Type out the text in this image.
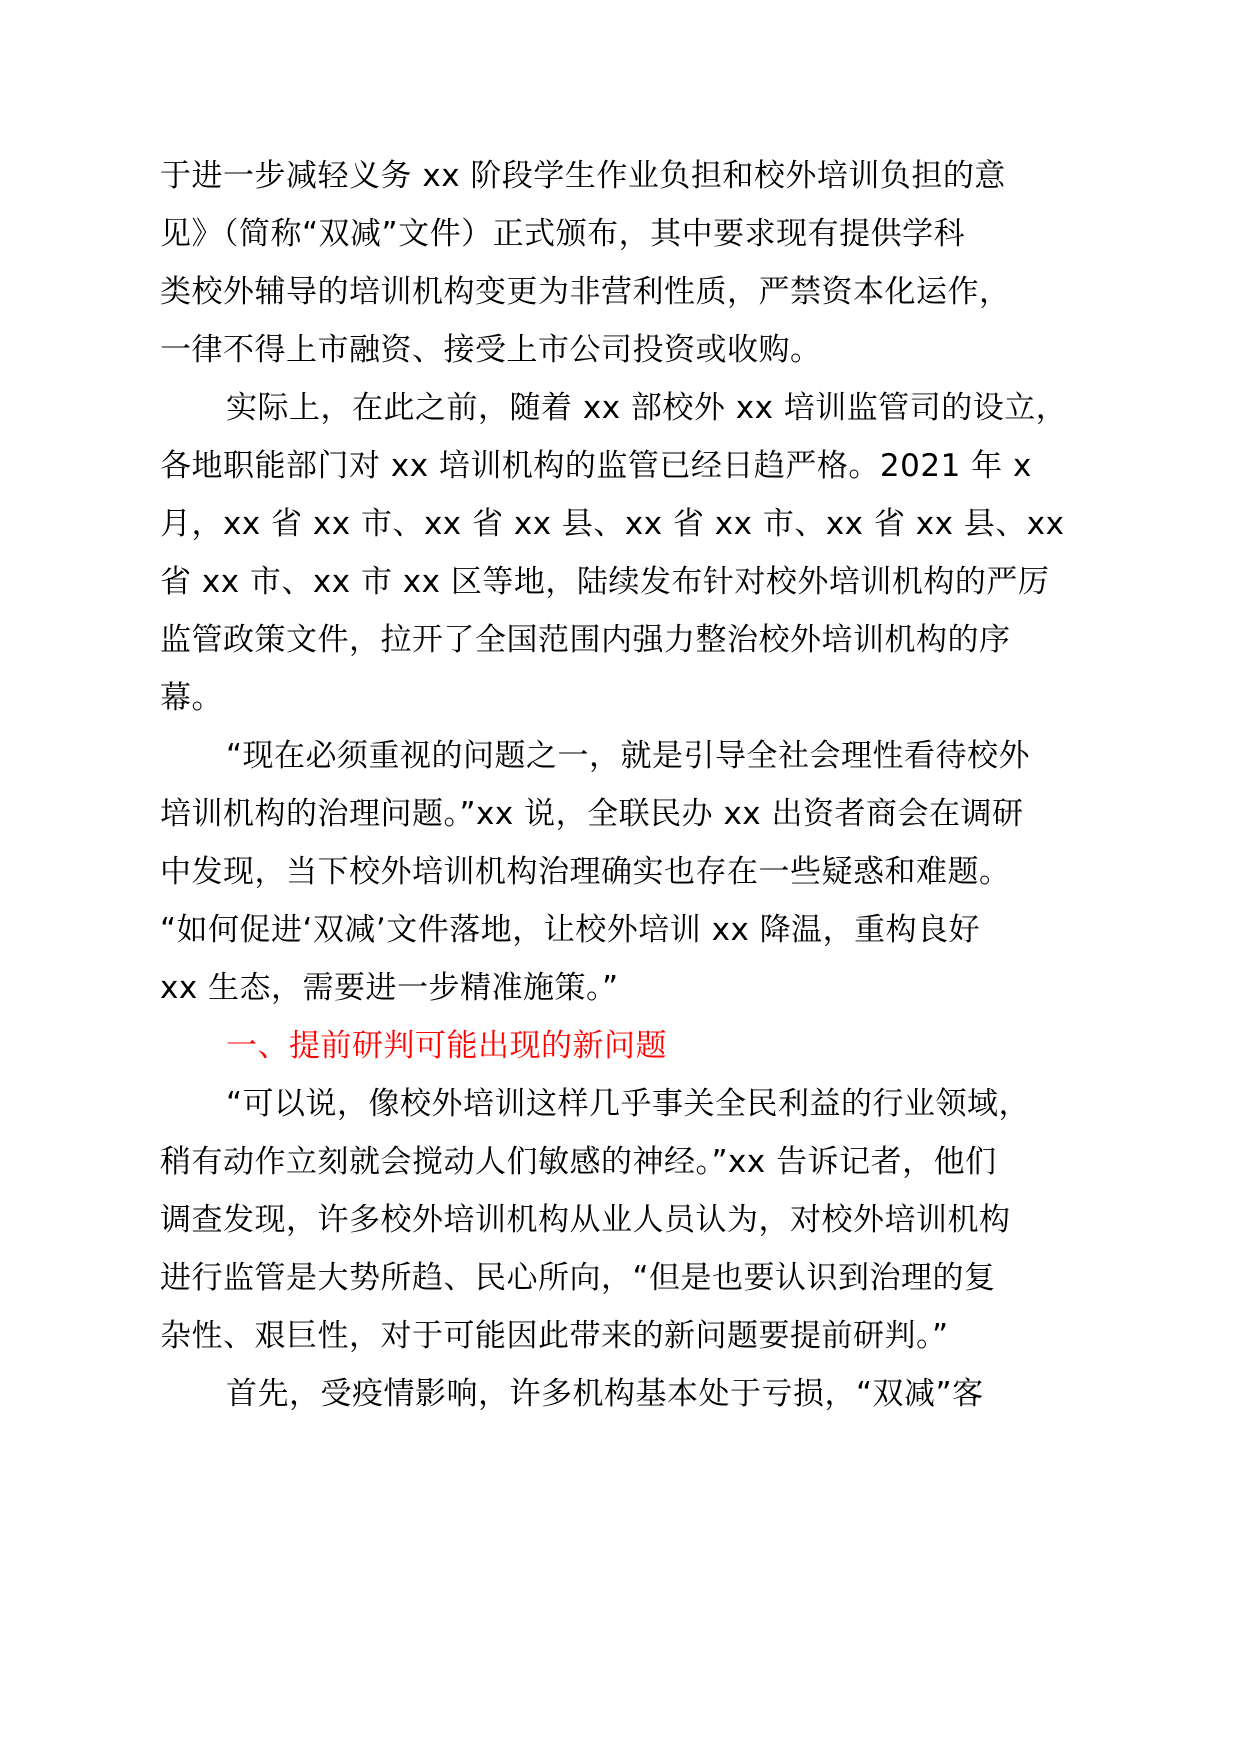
于进一步减轻义务 xx 阶段学生作业负担和校外培训负担的意
见》（简称“双减”文件）正式颁布，其中要求现有提供学科
类校外辅导的培训机构变更为非营利性质，严禁资本化运作，
一律不得上市融资、接受上市公司投资或收购。
实际上，在此之前，随着 xx 部校外 xx 培训监管司的设立，
各地职能部门对 xx 培训机构的监管已经日趋严格。2021 年 x
月，xx 省 xx 市、xx 省 xx 县、xx 省 xx 市、xx 省 xx 县、xx
省 xx 市、xx 市 xx 区等地，陆续发布针对校外培训机构的严厉
监管政策文件，拉开了全国范围内强力整治校外培训机构的序
幕。
“现在必须重视的问题之一，就是引导全社会理性看待校外
培训机构的治理问题。”xx 说，全联民办 xx 出资者商会在调研
中发现，当下校外培训机构治理确实也存在一些疑惑和难题。
“如何促进‘双减’文件落地，让校外培训 xx 降温，重构良好
xx 生态，需要进一步精准施策。”
一、提前研判可能出现的新问题
“可以说，像校外培训这样几乎事关全民利益的行业领域，
稍有动作立刻就会搅动人们敏感的神经。”xx 告诉记者，他们
调查发现，许多校外培训机构从业人员认为，对校外培训机构
进行监管是大势所趋、民心所向，“但是也要认识到治理的复
杂性、艰巨性，对于可能因此带来的新问题要提前研判。”
首先，受疫情影响，许多机构基本处于亏损，“双减”客
